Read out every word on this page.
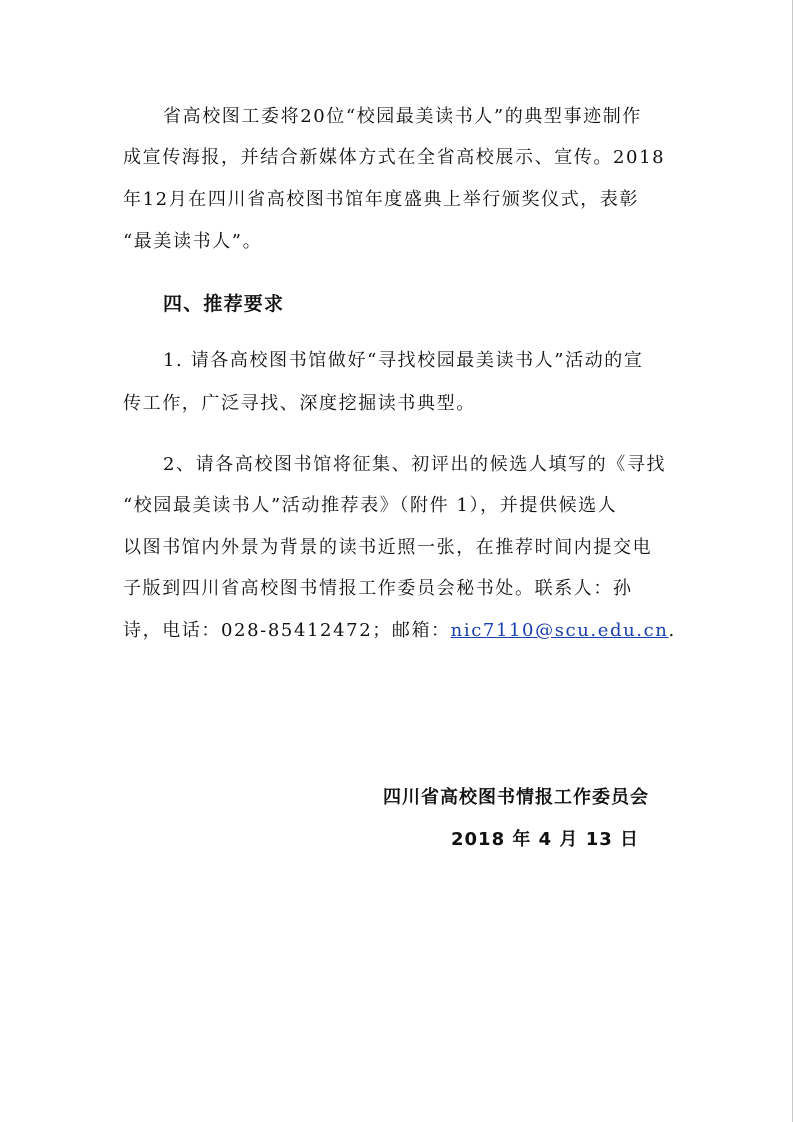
省高校图工委将20位“校园最美读书人”的典型事迹制作
成宣传海报，并结合新媒体方式在全省高校展示、宣传。2018
年12月在四川省高校图书馆年度盛典上举行颁奖仪式，表彰
“最美读书人”。
四、推荐要求
1. 请各高校图书馆做好“寻找校园最美读书人”活动的宣
传工作，广泛寻找、深度挖掘读书典型。
2、请各高校图书馆将征集、初评出的候选人填写的《寻找
“校园最美读书人”活动推荐表》（附件 1），并提供候选人
以图书馆内外景为背景的读书近照一张，在推荐时间内提交电
子版到四川省高校图书情报工作委员会秘书处。联系人：孙
诗，电话：028-85412472；邮箱：nic7110@scu.edu.cn.
四川省高校图书情报工作委员会
2018 年 4 月 13 日
